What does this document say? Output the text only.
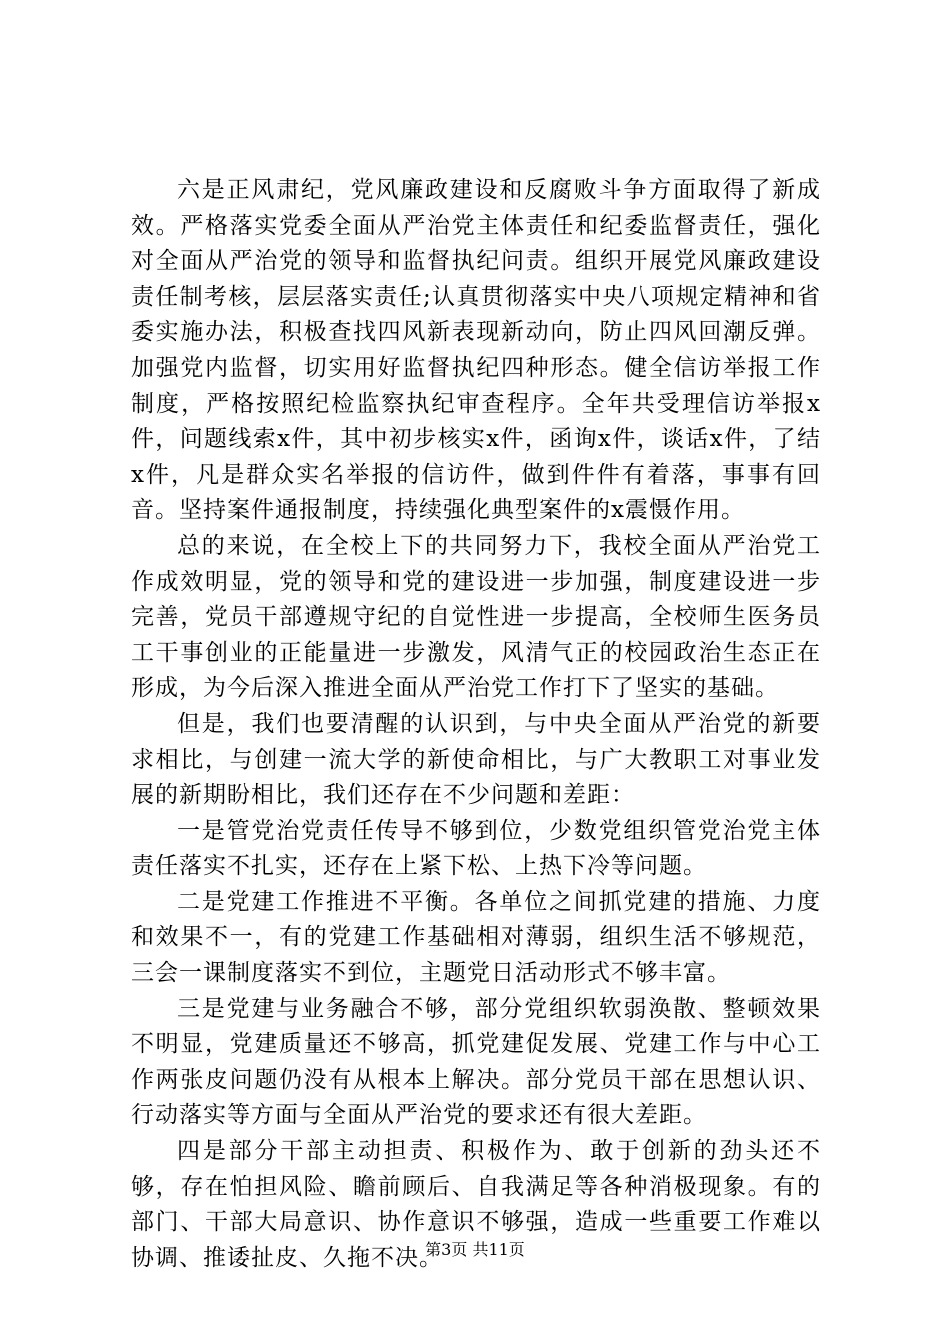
六是正风肃纪，党风廉政建设和反腐败斗争方面取得了新成效。严格落实党委全面从严治党主体责任和纪委监督责任，强化对全面从严治党的领导和监督执纪问责。组织开展党风廉政建设责任制考核，层层落实责任;认真贯彻落实中央八项规定精神和省委实施办法，积极查找四风新表现新动向，防止四风回潮反弹。加强党内监督，切实用好监督执纪四种形态。健全信访举报工作制度，严格按照纪检监察执纪审查程序。全年共受理信访举报x件，问题线索x件，其中初步核实x件，函询x件，谈话x件，了结x件，凡是群众实名举报的信访件，做到件件有着落，事事有回音。坚持案件通报制度，持续强化典型案件的x震慑作用。

总的来说，在全校上下的共同努力下，我校全面从严治党工作成效明显，党的领导和党的建设进一步加强，制度建设进一步完善，党员干部遵规守纪的自觉性进一步提高，全校师生医务员工干事创业的正能量进一步激发，风清气正的校园政治生态正在形成，为今后深入推进全面从严治党工作打下了坚实的基础。

但是，我们也要清醒的认识到，与中央全面从严治党的新要求相比，与创建一流大学的新使命相比，与广大教职工对事业发展的新期盼相比，我们还存在不少问题和差距：

一是管党治党责任传导不够到位，少数党组织管党治党主体责任落实不扎实，还存在上紧下松、上热下冷等问题。

二是党建工作推进不平衡。各单位之间抓党建的措施、力度和效果不一，有的党建工作基础相对薄弱，组织生活不够规范，三会一课制度落实不到位，主题党日活动形式不够丰富。

三是党建与业务融合不够，部分党组织软弱涣散、整顿效果不明显，党建质量还不够高，抓党建促发展、党建工作与中心工作两张皮问题仍没有从根本上解决。部分党员干部在思想认识、行动落实等方面与全面从严治党的要求还有很大差距。

四是部分干部主动担责、积极作为、敢于创新的劲头还不够，存在怕担风险、瞻前顾后、自我满足等各种消极现象。有的部门、干部大局意识、协作意识不够强，造成一些重要工作难以协调、推诿扯皮、久拖不决。

第3页 共11页
